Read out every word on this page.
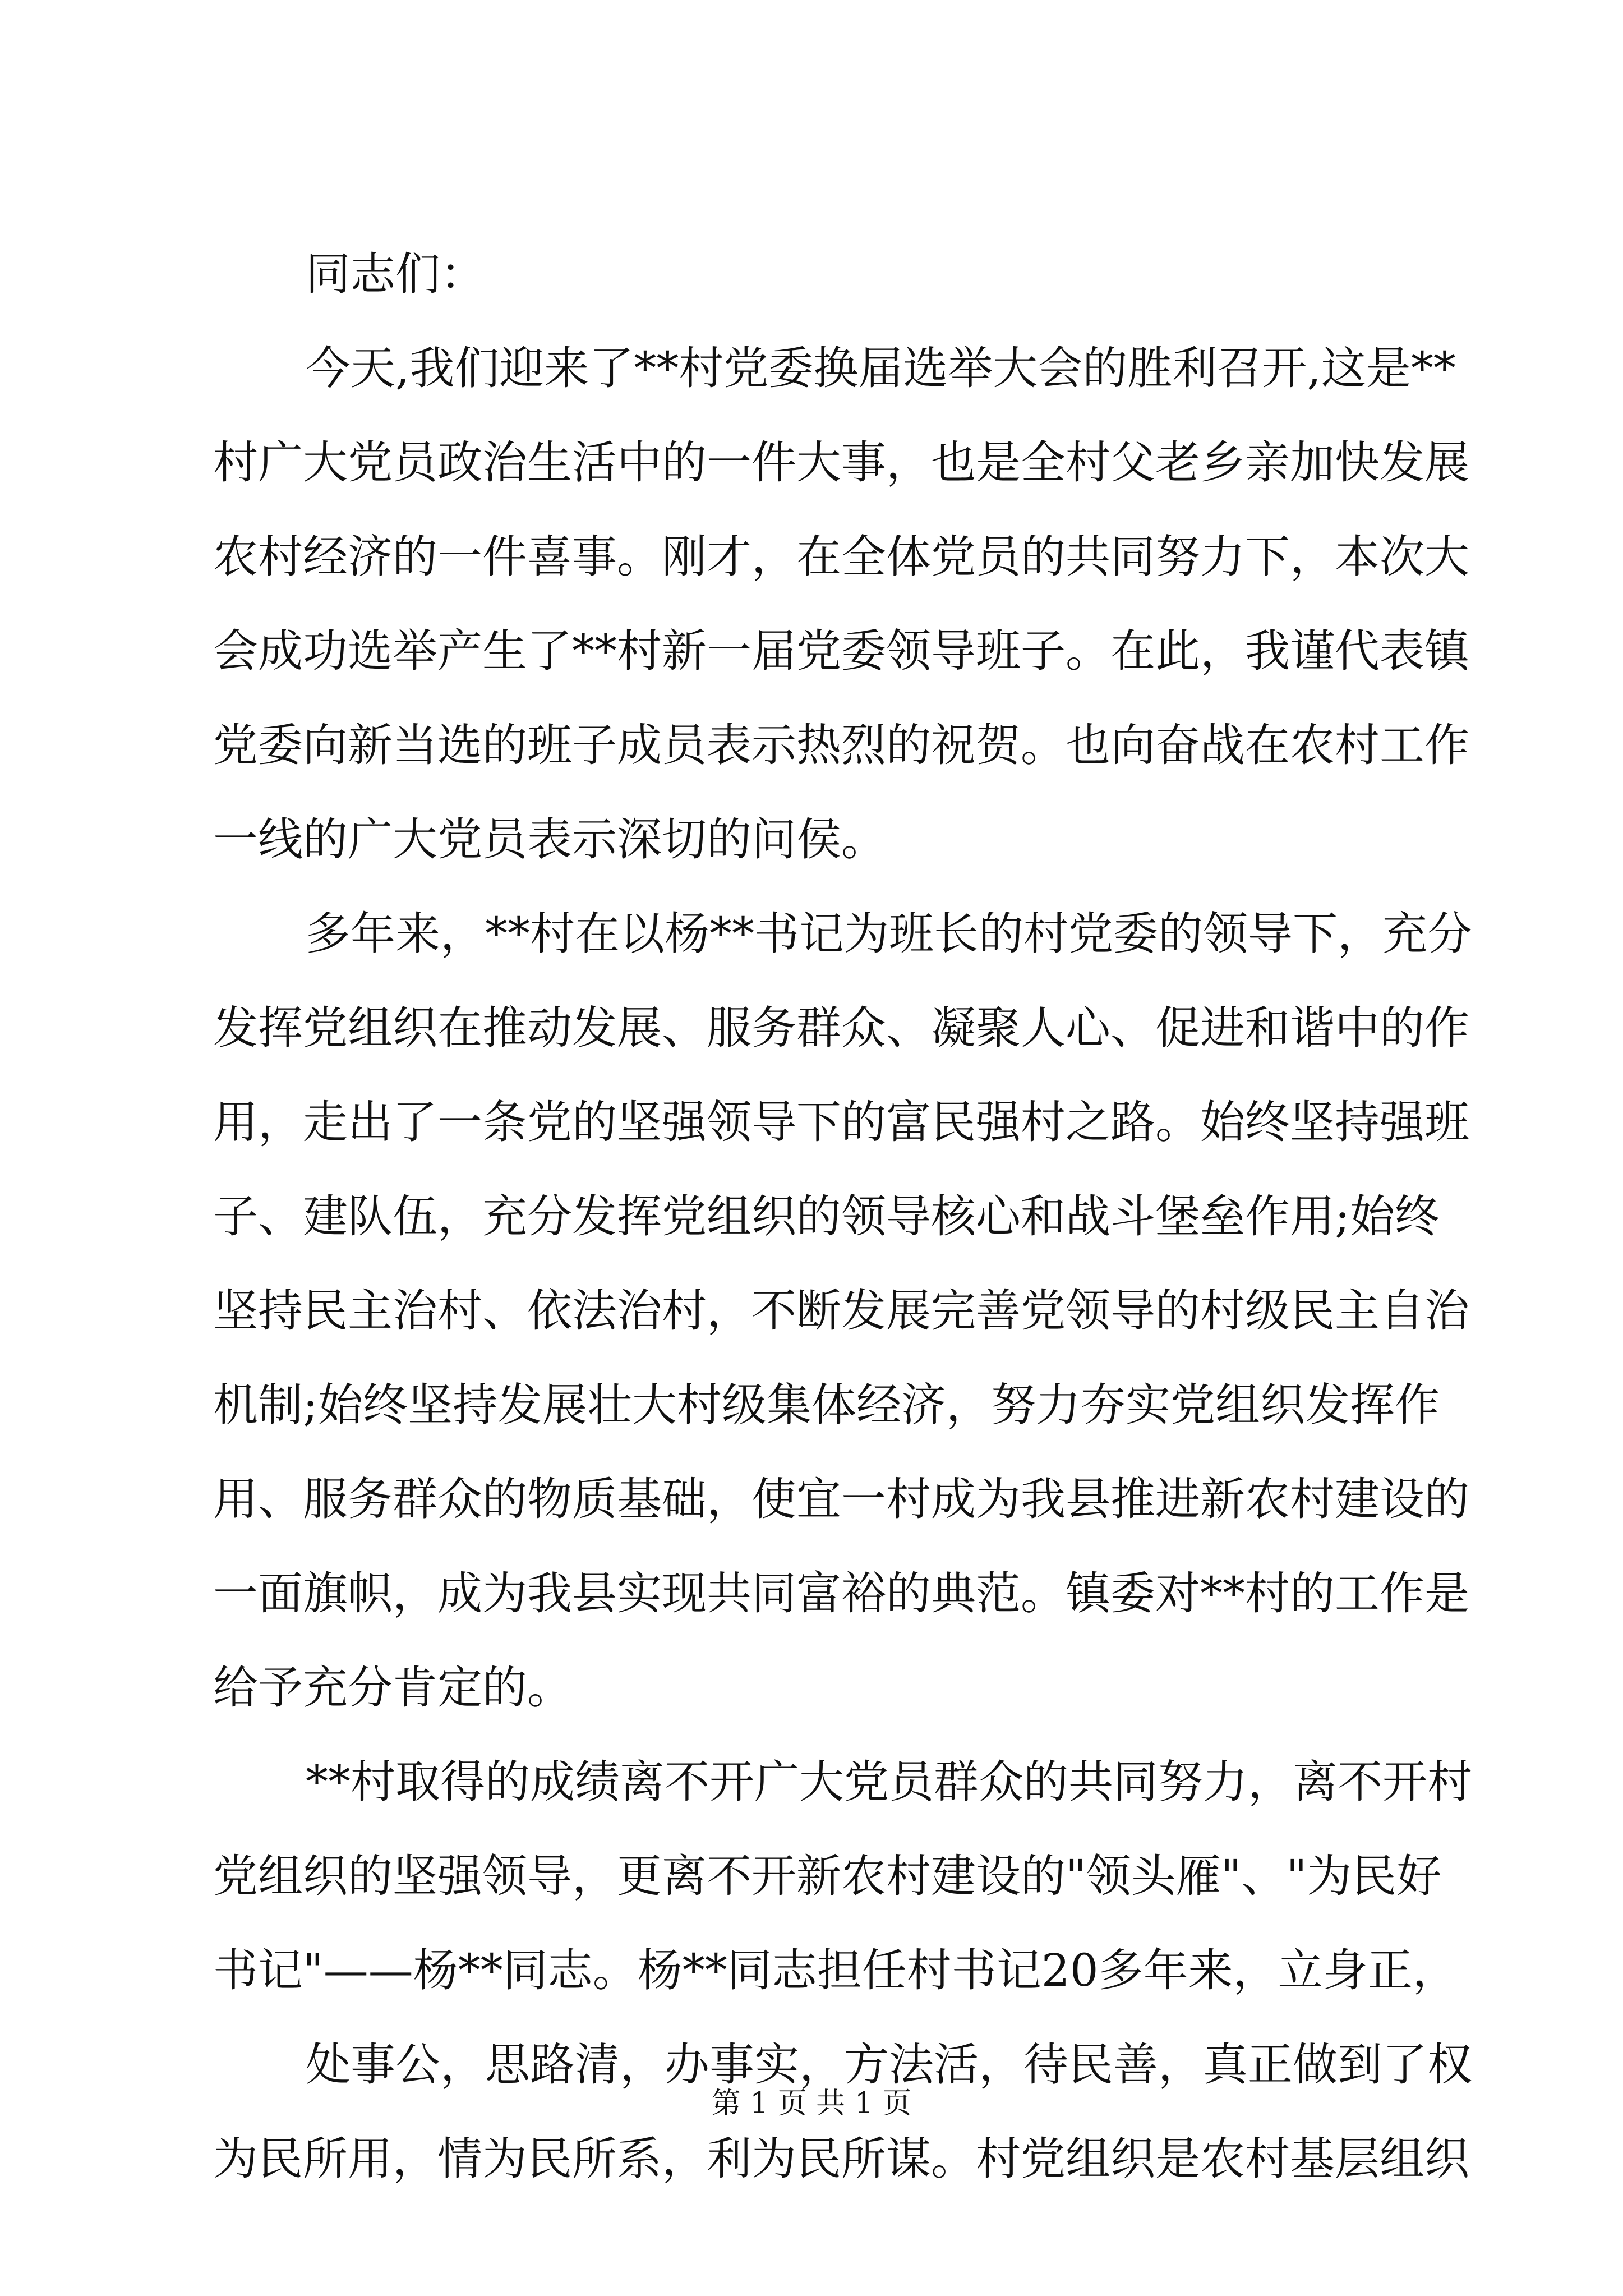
同志们：
今天,我们迎来了**村党委换届选举大会的胜利召开,这是**
村广大党员政治生活中的一件大事，也是全村父老乡亲加快发展
农村经济的一件喜事。刚才，在全体党员的共同努力下，本次大
会成功选举产生了**村新一届党委领导班子。在此，我谨代表镇
党委向新当选的班子成员表示热烈的祝贺。也向奋战在农村工作
一线的广大党员表示深切的问侯。
多年来，**村在以杨**书记为班长的村党委的领导下，充分
发挥党组织在推动发展、服务群众、凝聚人心、促进和谐中的作
用，走出了一条党的坚强领导下的富民强村之路。始终坚持强班
子、建队伍，充分发挥党组织的领导核心和战斗堡垒作用;始终
坚持民主治村、依法治村，不断发展完善党领导的村级民主自治
机制;始终坚持发展壮大村级集体经济，努力夯实党组织发挥作
用、服务群众的物质基础，使宜一村成为我县推进新农村建设的
一面旗帜，成为我县实现共同富裕的典范。镇委对**村的工作是
给予充分肯定的。
**村取得的成绩离不开广大党员群众的共同努力，离不开村
党组织的坚强领导，更离不开新农村建设的"领头雁"、"为民好
书记"——杨**同志。杨**同志担任村书记20多年来，立身正，
处事公，思路清，办事实，方法活，待民善，真正做到了权
为民所用，情为民所系，利为民所谋。村党组织是农村基层组织
第 1 页 共 1 页
